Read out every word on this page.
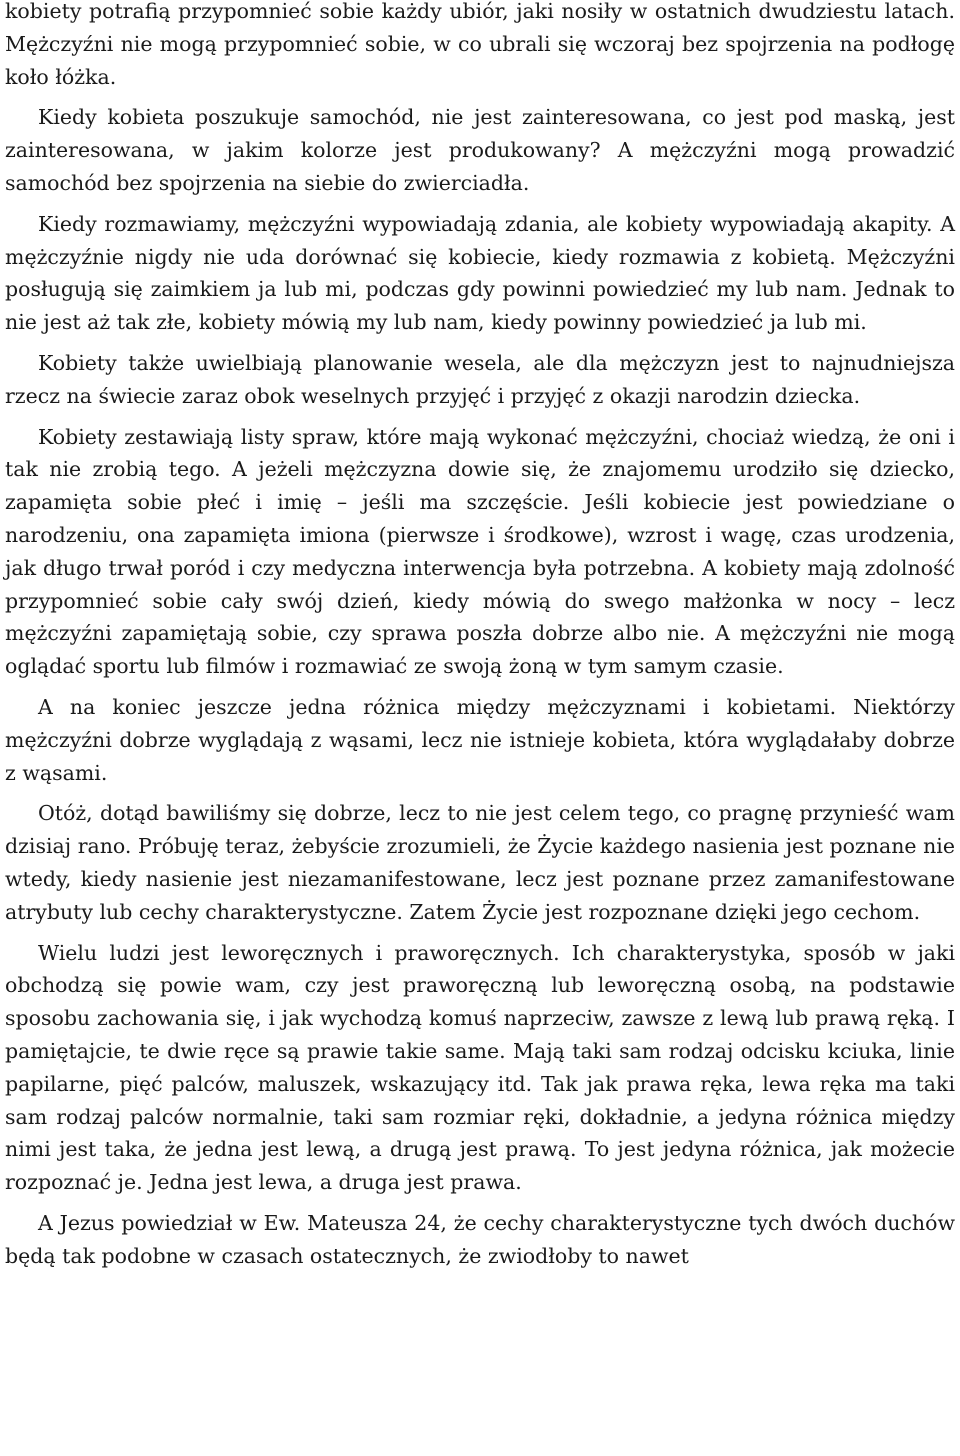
kobiety potrafią przypomnieć sobie każdy ubiór, jaki nosiły w ostatnich dwudziestu latach. Mężczyźni nie mogą przypomnieć sobie, w co ubrali się wczoraj bez spojrzenia na podłogę koło łóżka.

Kiedy kobieta poszukuje samochód, nie jest zainteresowana, co jest pod maską, jest zainteresowana, w jakim kolorze jest produkowany? A mężczyźni mogą prowadzić samochód bez spojrzenia na siebie do zwierciadła.

Kiedy rozmawiamy, mężczyźni wypowiadają zdania, ale kobiety wypowiadają akapity. A mężczyźnie nigdy nie uda dorównać się kobiecie, kiedy rozmawia z kobietą. Mężczyźni posługują się zaimkiem ja lub mi, podczas gdy powinni powiedzieć my lub nam. Jednak to nie jest aż tak złe, kobiety mówią my lub nam, kiedy powinny powiedzieć ja lub mi.

Kobiety także uwielbiają planowanie wesela, ale dla mężczyzn jest to najnudniejsza rzecz na świecie zaraz obok weselnych przyjęć i przyjęć z okazji narodzin dziecka.

Kobiety zestawiają listy spraw, które mają wykonać mężczyźni, chociaż wiedzą, że oni i tak nie zrobią tego. A jeżeli mężczyzna dowie się, że znajomemu urodziło się dziecko, zapamięta sobie płeć i imię – jeśli ma szczęście. Jeśli kobiecie jest powiedziane o narodzeniu, ona zapamięta imiona (pierwsze i środkowe), wzrost i wagę, czas urodzenia, jak długo trwał poród i czy medyczna interwencja była potrzebna. A kobiety mają zdolność przypomnieć sobie cały swój dzień, kiedy mówią do swego małżonka w nocy – lecz mężczyźni zapamiętają sobie, czy sprawa poszła dobrze albo nie. A mężczyźni nie mogą oglądać sportu lub filmów i rozmawiać ze swoją żoną w tym samym czasie.

A na koniec jeszcze jedna różnica między mężczyznami i kobietami. Niektórzy mężczyźni dobrze wyglądają z wąsami, lecz nie istnieje kobieta, która wyglądałaby dobrze z wąsami.

Otóż, dotąd bawiliśmy się dobrze, lecz to nie jest celem tego, co pragnę przynieść wam dzisiaj rano. Próbuję teraz, żebyście zrozumieli, że Życie każdego nasienia jest poznane nie wtedy, kiedy nasienie jest niezamanifestowane, lecz jest poznane przez zamanifestowane atrybuty lub cechy charakterystyczne. Zatem Życie jest rozpoznane dzięki jego cechom.

Wielu ludzi jest leworęcznych i praworęcznych. Ich charakterystyka, sposób w jaki obchodzą się powie wam, czy jest praworęczną lub leworęczną osobą, na podstawie sposobu zachowania się, i jak wychodzą komuś naprzeciw, zawsze z lewą lub prawą ręką. I pamiętajcie, te dwie ręce są prawie takie same. Mają taki sam rodzaj odcisku kciuka, linie papilarne, pięć palców, maluszek, wskazujący itd. Tak jak prawa ręka, lewa ręka ma taki sam rodzaj palców normalnie, taki sam rozmiar ręki, dokładnie, a jedyna różnica między nimi jest taka, że jedna jest lewą, a drugą jest prawą. To jest jedyna różnica, jak możecie rozpoznać je. Jedna jest lewa, a druga jest prawa.

A Jezus powiedział w Ew. Mateusza 24, że cechy charakterystyczne tych dwóch duchów będą tak podobne w czasach ostatecznych, że zwiodłoby to nawet
